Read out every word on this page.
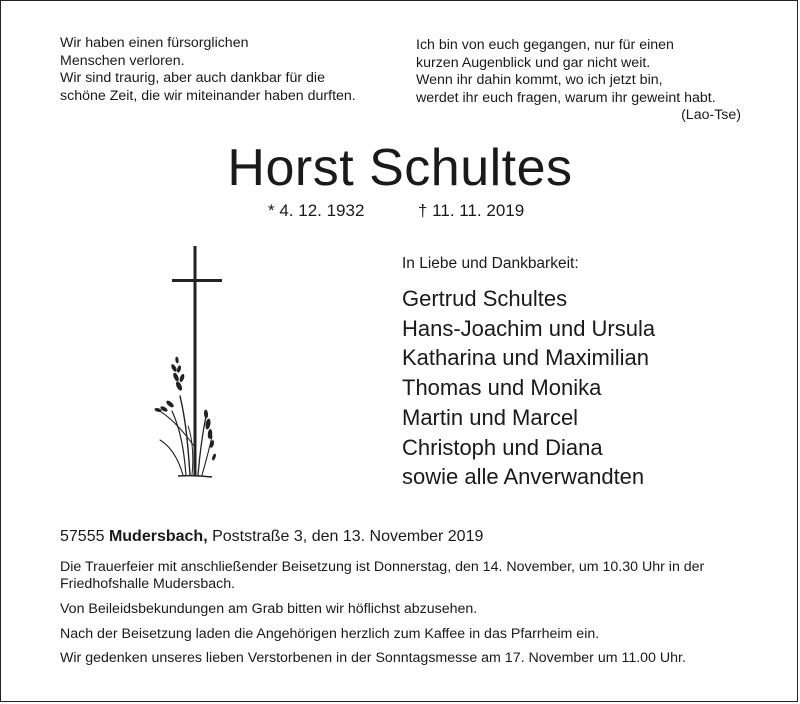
Wir haben einen fürsorglichen
Menschen verloren.
Wir sind traurig, aber auch dankbar für die
schöne Zeit, die wir miteinander haben durften.
Ich bin von euch gegangen, nur für einen
kurzen Augenblick und gar nicht weit.
Wenn ihr dahin kommt, wo ich jetzt bin,
werdet ihr euch fragen, warum ihr geweint habt.
(Lao-Tse)
Horst Schultes
* 4. 12. 1932	† 11. 11. 2019
In Liebe und Dankbarkeit:
Gertrud Schultes
Hans-Joachim und Ursula
Katharina und Maximilian
Thomas und Monika
Martin und Marcel
Christoph und Diana
sowie alle Anverwandten
57555 Mudersbach, Poststraße 3, den 13. November 2019
Die Trauerfeier mit anschließender Beisetzung ist Donnerstag, den 14. November, um 10.30 Uhr in der Friedhofshalle Mudersbach.
Von Beileidsbekundungen am Grab bitten wir höflichst abzusehen.
Nach der Beisetzung laden die Angehörigen herzlich zum Kaffee in das Pfarrheim ein.
Wir gedenken unseres lieben Verstorbenen in der Sonntagsmesse am 17. November um 11.00 Uhr.
